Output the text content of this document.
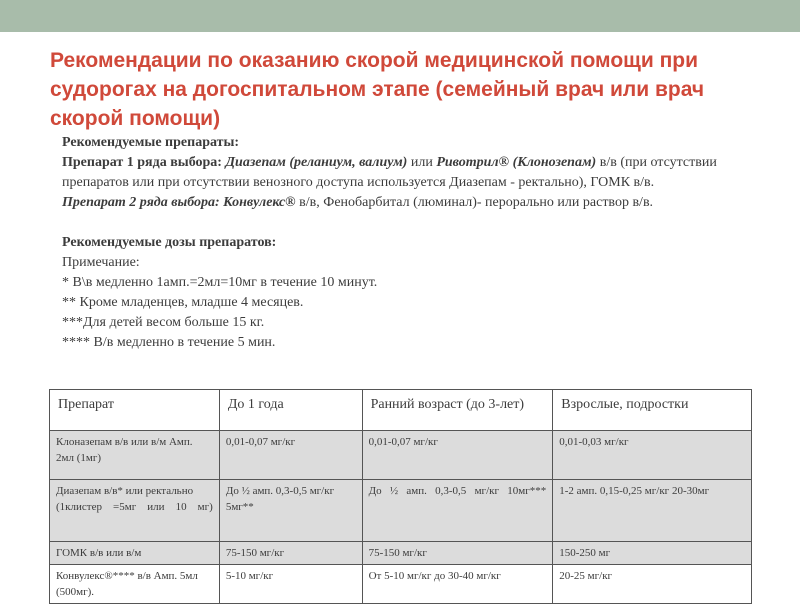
Рекомендации по оказанию скорой медицинской помощи при судорогах на догоспитальном этапе (семейный врач или врач скорой помощи)

Рекомендуемые препараты:

Препарат 1 ряда выбора: Диазепам (реланиум, валиум) или Ривотрил® (Клонозепам) в/в (при отсутствии препаратов или при отсутствии венозного доступа используется Диазепам - ректально), ГОМК в/в.

Препарат 2 ряда выбора: Конвулекс® в/в, Фенобарбитал (люминал)- перорально или раствор в/в.

Рекомендуемые дозы препаратов:

Примечание:

* В\в медленно 1амп.=2мл=10мг в течение 10 минут.

** Кроме младенцев, младше 4 месяцев.

***Для детей весом больше 15 кг.

**** В/в медленно в течение 5 мин.

Препарат	До 1 года	Ранний возраст (до 3-лет)	Взрослые, подростки
Клоназепам в/в или в/м Амп. 2мл (1мг)	0,01-0,07 мг/кг	0,01-0,07 мг/кг	0,01-0,03 мг/кг
Диазепам в/в* или ректально (1клистер =5мг или 10 мг)	До ½ амп. 0,3-0,5 мг/кг 5мг**	До ½ амп. 0,3-0,5 мг/кг 10мг***	1-2 амп. 0,15-0,25 мг/кг 20-30мг
ГОМК в/в или в/м	75-150 мг/кг	75-150 мг/кг	150-250 мг
Конвулекс®**** в/в Амп. 5мл (500мг).	5-10 мг/кг	От 5-10 мг/кг до 30-40 мг/кг	20-25 мг/кг
